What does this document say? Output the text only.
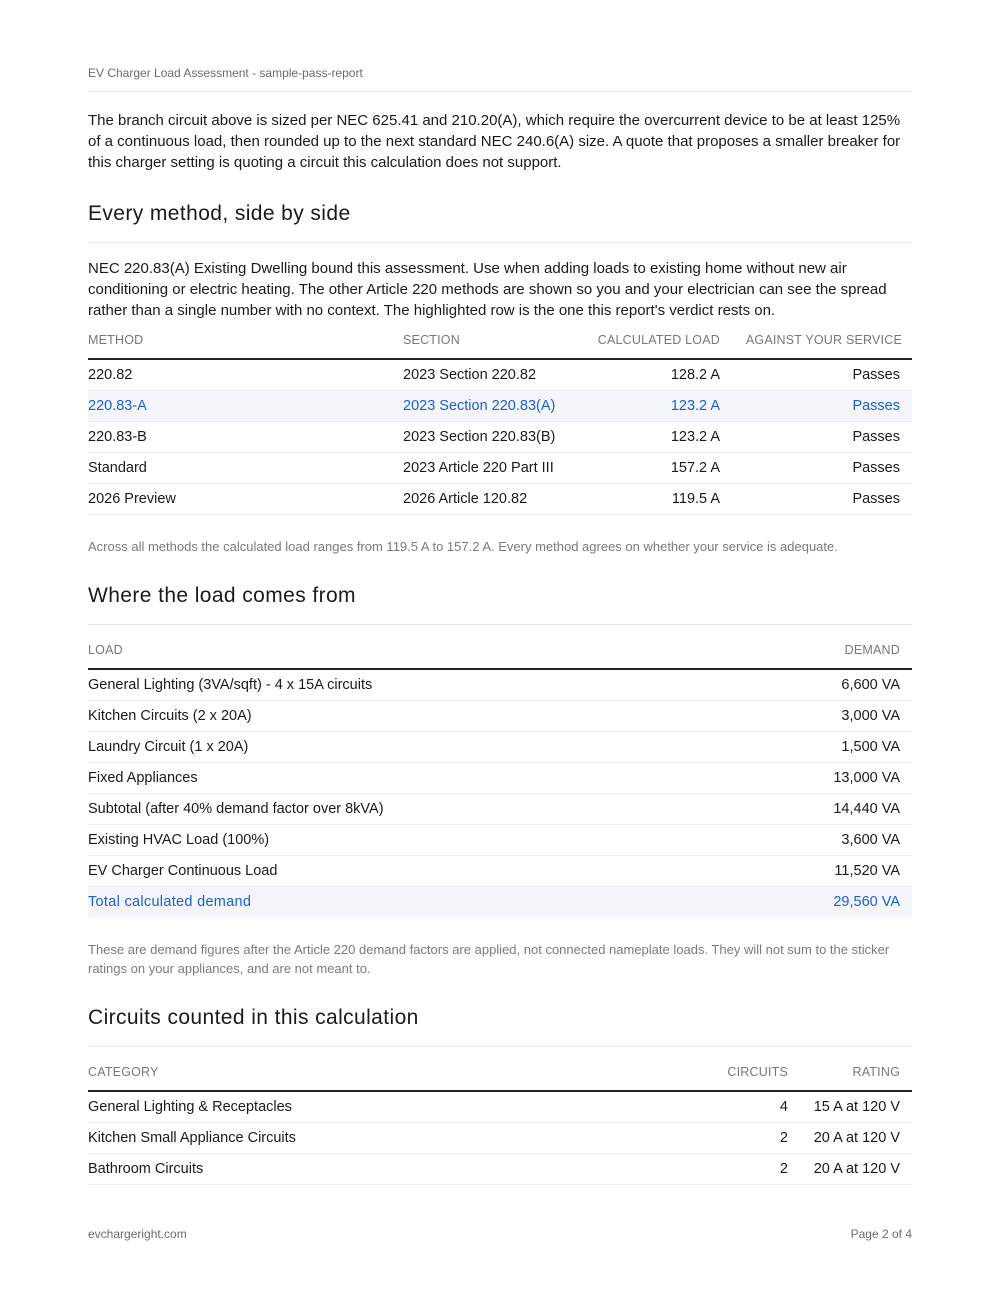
EV Charger Load Assessment - sample-pass-report

The branch circuit above is sized per NEC 625.41 and 210.20(A), which require the overcurrent device to be at least 125% of a continuous load, then rounded up to the next standard NEC 240.6(A) size. A quote that proposes a smaller breaker for this charger setting is quoting a circuit this calculation does not support.

Every method, side by side

NEC 220.83(A) Existing Dwelling bound this assessment. Use when adding loads to existing home without new air conditioning or electric heating. The other Article 220 methods are shown so you and your electrician can see the spread rather than a single number with no context. The highlighted row is the one this report's verdict rests on.

METHOD	SECTION	CALCULATED LOAD	AGAINST YOUR SERVICE
220.82	2023 Section 220.82	128.2 A	Passes
220.83-A	2023 Section 220.83(A)	123.2 A	Passes
220.83-B	2023 Section 220.83(B)	123.2 A	Passes
Standard	2023 Article 220 Part III	157.2 A	Passes
2026 Preview	2026 Article 120.82	119.5 A	Passes

Across all methods the calculated load ranges from 119.5 A to 157.2 A. Every method agrees on whether your service is adequate.

Where the load comes from
LOAD	DEMAND
General Lighting (3VA/sqft) - 4 x 15A circuits	6,600 VA
Kitchen Circuits (2 x 20A)	3,000 VA
Laundry Circuit (1 x 20A)	1,500 VA
Fixed Appliances	13,000 VA
Subtotal (after 40% demand factor over 8kVA)	14,440 VA
Existing HVAC Load (100%)	3,600 VA
EV Charger Continuous Load	11,520 VA
Total calculated demand	29,560 VA

These are demand figures after the Article 220 demand factors are applied, not connected nameplate loads. They will not sum to the sticker ratings on your appliances, and are not meant to.

Circuits counted in this calculation
CATEGORY	CIRCUITS	RATING
General Lighting & Receptacles	4	15 A at 120 V
Kitchen Small Appliance Circuits	2	20 A at 120 V
Bathroom Circuits	2	20 A at 120 V
evchargeright.com	Page 2 of 4
